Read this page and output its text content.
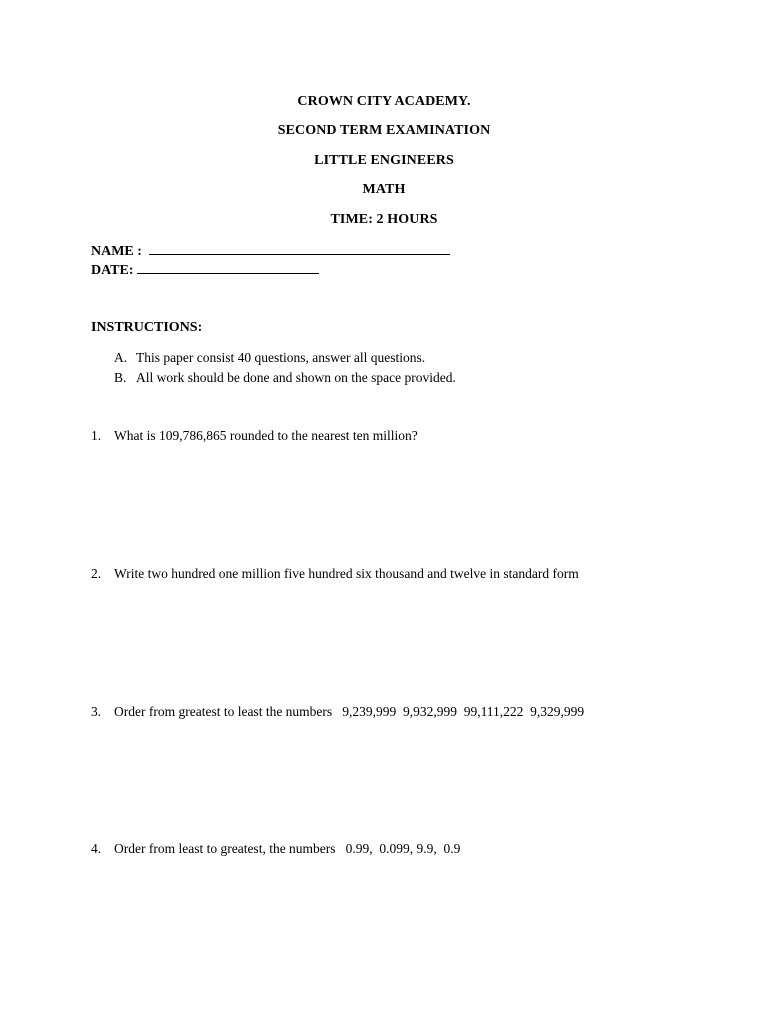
CROWN CITY ACADEMY.
SECOND TERM EXAMINATION
LITTLE ENGINEERS
MATH
TIME: 2 HOURS
NAME :
DATE:
INSTRUCTIONS:
A. This paper consist 40 questions, answer all questions.
B. All work should be done and shown on the space provided.
1. What is 109,786,865 rounded to the nearest ten million?
2. Write two hundred one million five hundred six thousand and twelve in standard form
3. Order from greatest to least the numbers 9,239,999  9,932,999  99,111,222  9,329,999
4. Order from least to greatest, the numbers 0.99,  0.099, 9.9,  0.9
